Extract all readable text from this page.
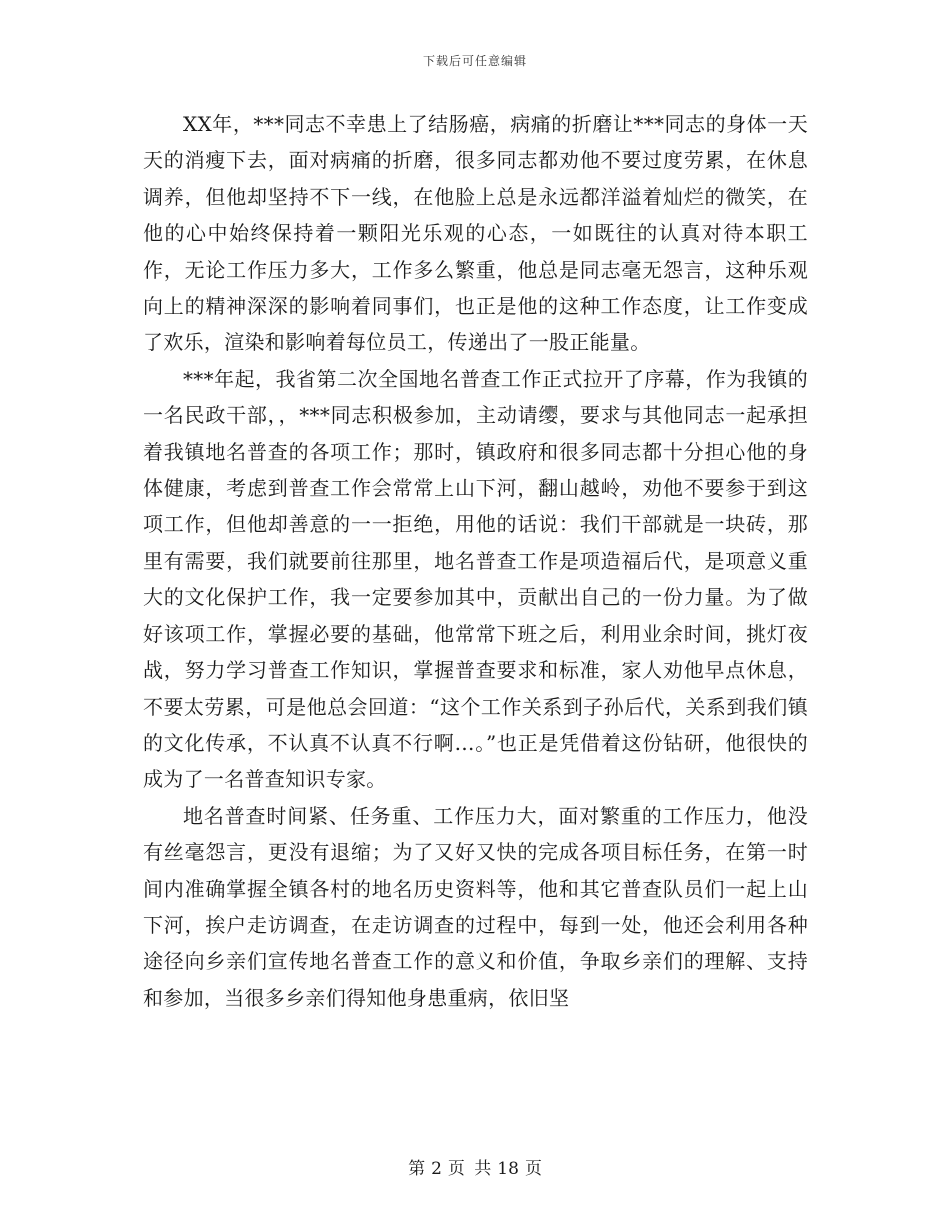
下载后可任意编辑

XX年，***同志不幸患上了结肠癌，病痛的折磨让***同志的身体一天天的消瘦下去，面对病痛的折磨，很多同志都劝他不要过度劳累，在休息调养，但他却坚持不下一线，在他脸上总是永远都洋溢着灿烂的微笑，在他的心中始终保持着一颗阳光乐观的心态，一如既往的认真对待本职工作，无论工作压力多大，工作多么繁重，他总是同志毫无怨言，这种乐观向上的精神深深的影响着同事们，也正是他的这种工作态度，让工作变成了欢乐，渲染和影响着每位员工，传递出了一股正能量。

***年起，我省第二次全国地名普查工作正式拉开了序幕，作为我镇的一名民政干部，，***同志积极参加，主动请缨，要求与其他同志一起承担着我镇地名普查的各项工作；那时，镇政府和很多同志都十分担心他的身体健康，考虑到普查工作会常常上山下河，翻山越岭，劝他不要参于到这项工作，但他却善意的一一拒绝，用他的话说：我们干部就是一块砖，那里有需要，我们就要前往那里，地名普查工作是项造福后代，是项意义重大的文化保护工作，我一定要参加其中，贡献出自己的一份力量。为了做好该项工作，掌握必要的基础，他常常下班之后，利用业余时间，挑灯夜战，努力学习普查工作知识，掌握普查要求和标准，家人劝他早点休息，不要太劳累，可是他总会回道：“这个工作关系到子孙后代，关系到我们镇的文化传承，不认真不认真不行啊…。”也正是凭借着这份钻研，他很快的成为了一名普查知识专家。

地名普查时间紧、任务重、工作压力大，面对繁重的工作压力，他没有丝毫怨言，更没有退缩；为了又好又快的完成各项目标任务，在第一时间内准确掌握全镇各村的地名历史资料等，他和其它普查队员们一起上山下河，挨户走访调查，在走访调查的过程中，每到一处，他还会利用各种途径向乡亲们宣传地名普查工作的意义和价值，争取乡亲们的理解、支持和参加，当很多乡亲们得知他身患重病，依旧坚

第 2 页 共 18 页
